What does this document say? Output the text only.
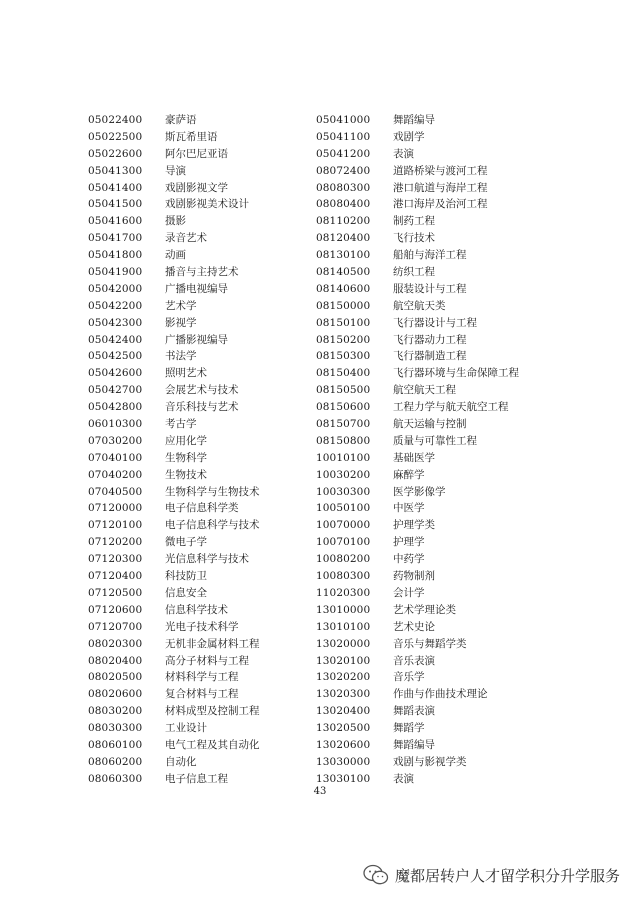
05022400	豪萨语
05022500	斯瓦希里语
05022600	阿尔巴尼亚语
05041300	导演
05041400	戏剧影视文学
05041500	戏剧影视美术设计
05041600	摄影
05041700	录音艺术
05041800	动画
05041900	播音与主持艺术
05042000	广播电视编导
05042200	艺术学
05042300	影视学
05042400	广播影视编导
05042500	书法学
05042600	照明艺术
05042700	会展艺术与技术
05042800	音乐科技与艺术
06010300	考古学
07030200	应用化学
07040100	生物科学
07040200	生物技术
07040500	生物科学与生物技术
07120000	电子信息科学类
07120100	电子信息科学与技术
07120200	微电子学
07120300	光信息科学与技术
07120400	科技防卫
07120500	信息安全
07120600	信息科学技术
07120700	光电子技术科学
08020300	无机非金属材料工程
08020400	高分子材料与工程
08020500	材料科学与工程
08020600	复合材料与工程
08030200	材料成型及控制工程
08030300	工业设计
08060100	电气工程及其自动化
08060200	自动化
08060300	电子信息工程
05041000	舞蹈编导
05041100	戏剧学
05041200	表演
08072400	道路桥梁与渡河工程
08080300	港口航道与海岸工程
08080400	港口海岸及治河工程
08110200	制药工程
08120400	飞行技术
08130100	船舶与海洋工程
08140500	纺织工程
08140600	服装设计与工程
08150000	航空航天类
08150100	飞行器设计与工程
08150200	飞行器动力工程
08150300	飞行器制造工程
08150400	飞行器环境与生命保障工程
08150500	航空航天工程
08150600	工程力学与航天航空工程
08150700	航天运输与控制
08150800	质量与可靠性工程
10010100	基础医学
10030200	麻醉学
10030300	医学影像学
10050100	中医学
10070000	护理学类
10070100	护理学
10080200	中药学
10080300	药物制剂
11020300	会计学
13010000	艺术学理论类
13010100	艺术史论
13020000	音乐与舞蹈学类
13020100	音乐表演
13020200	音乐学
13020300	作曲与作曲技术理论
13020400	舞蹈表演
13020500	舞蹈学
13020600	舞蹈编导
13030000	戏剧与影视学类
13030100	表演
43
魔都居转户人才留学积分升学服务
